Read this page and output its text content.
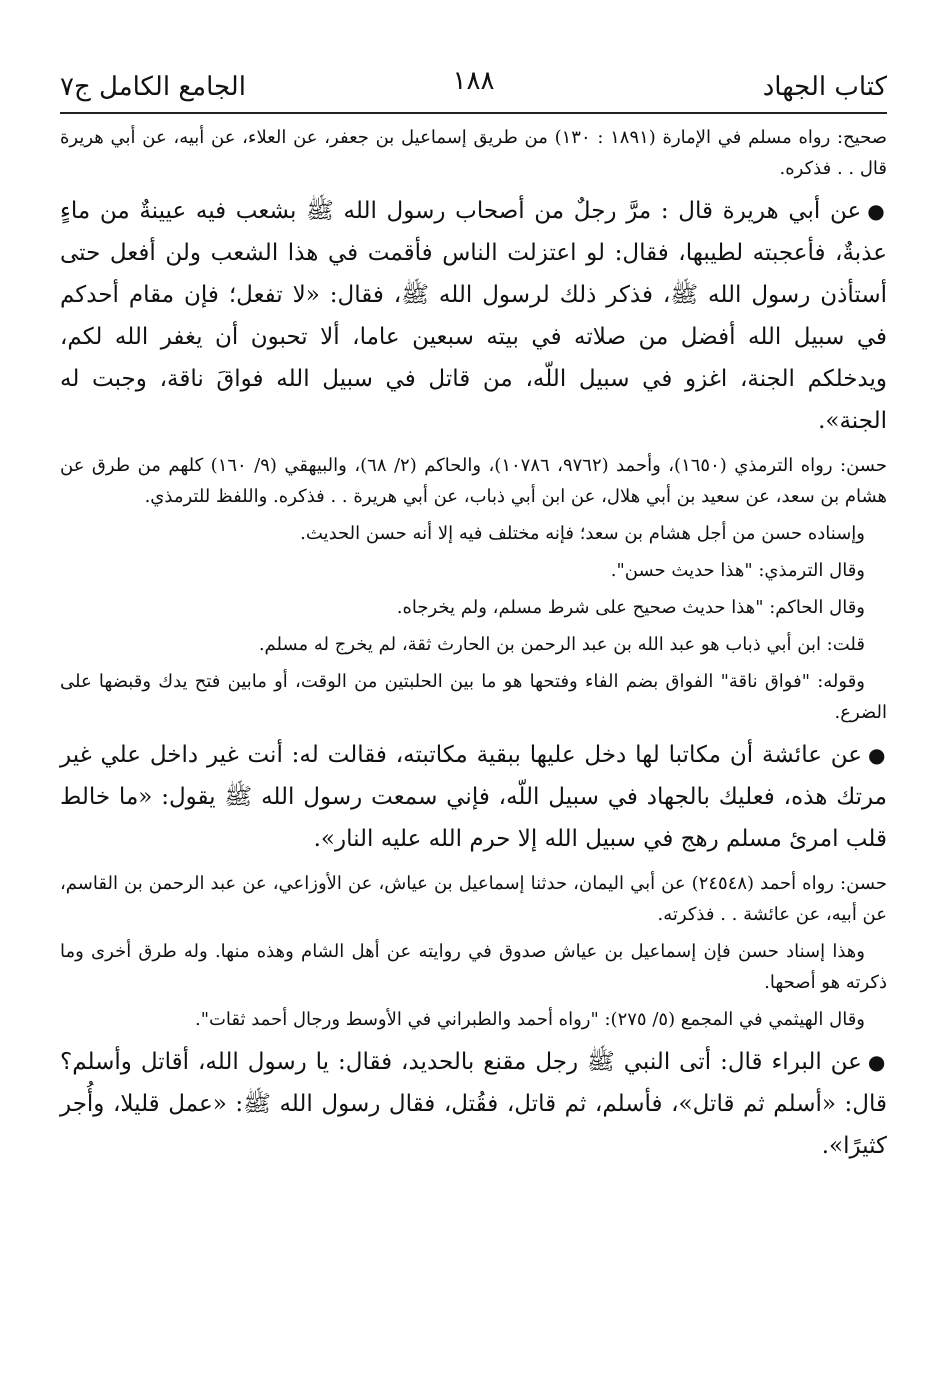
كتاب الجهاد
١٨٨
الجامع الكامل ج٧

صحيح: رواه مسلم في الإمارة (١٨٩١ : ١٣٠) من طريق إسماعيل بن جعفر، عن العلاء، عن أبيه، عن أبي هريرة قال . . فذكره.

●عن أبي هريرة قال : مرَّ رجلٌ من أصحاب رسول الله ﷺ بشعب فيه عيينةٌ من ماءٍ عذبةٌ، فأعجبته لطيبها، فقال: لو اعتزلت الناس فأقمت في هذا الشعب ولن أفعل حتى أستأذن رسول الله ﷺ، فذكر ذلك لرسول الله ﷺ، فقال: «لا تفعل؛ فإن مقام أحدكم في سبيل الله أفضل من صلاته في بيته سبعين عاما، ألا تحبون أن يغفر الله لكم، ويدخلكم الجنة، اغزو في سبيل اللّه، من قاتل في سبيل الله فواقَ ناقة، وجبت له الجنة».

حسن: رواه الترمذي (١٦٥٠)، وأحمد (٩٧٦٢، ١٠٧٨٦)، والحاكم (٢/ ٦٨)، والبيهقي (٩/ ١٦٠) كلهم من طرق عن هشام بن سعد، عن سعيد بن أبي هلال، عن ابن أبي ذباب، عن أبي هريرة . . فذكره. واللفظ للترمذي.

وإسناده حسن من أجل هشام بن سعد؛ فإنه مختلف فيه إلا أنه حسن الحديث.

وقال الترمذي: "هذا حديث حسن".

وقال الحاكم: "هذا حديث صحيح على شرط مسلم، ولم يخرجاه.

قلت: ابن أبي ذباب هو عبد الله بن عبد الرحمن بن الحارث ثقة، لم يخرج له مسلم.

وقوله: "فواق ناقة" الفواق بضم الفاء وفتحها هو ما بين الحلبتين من الوقت، أو مابين فتح يدك وقبضها على الضرع.

●عن عائشة أن مكاتبا لها دخل عليها ببقية مكاتبته، فقالت له: أنت غير داخل علي غير مرتك هذه، فعليك بالجهاد في سبيل اللّه، فإني سمعت رسول الله ﷺ يقول: «ما خالط قلب امرئ مسلم رهج في سبيل الله إلا حرم الله عليه النار».

حسن: رواه أحمد (٢٤٥٤٨) عن أبي اليمان، حدثنا إسماعيل بن عياش، عن الأوزاعي، عن عبد الرحمن بن القاسم، عن أبيه، عن عائشة . . فذكرته.

وهذا إسناد حسن فإن إسماعيل بن عياش صدوق في روايته عن أهل الشام وهذه منها. وله طرق أخرى وما ذكرته هو أصحها.

وقال الهيثمي في المجمع (٥/ ٢٧٥): "رواه أحمد والطبراني في الأوسط ورجال أحمد ثقات".

●عن البراء قال: أتى النبي ﷺ رجل مقنع بالحديد، فقال: يا رسول الله، أقاتل وأسلم؟ قال: «أسلم ثم قاتل»، فأسلم، ثم قاتل، فقُتل، فقال رسول الله ﷺ: «عمل قليلا، وأُجر كثيرًا».
